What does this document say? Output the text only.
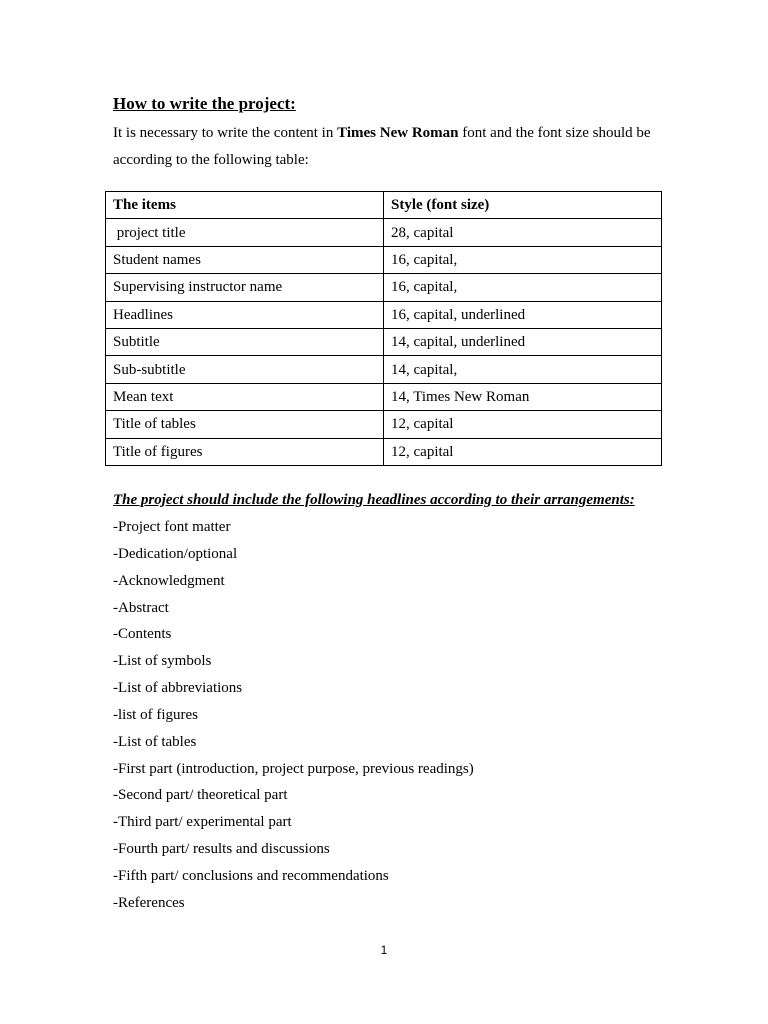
How to write the project:

It is necessary to write the content in Times New Roman font and the font size should be according to the following table:

The items	Style (font size)
project title	28, capital
Student names	16, capital,
Supervising instructor name	16, capital,
Headlines	16, capital, underlined
Subtitle	14, capital, underlined
Sub-subtitle	14, capital,
Mean text	14, Times New Roman
Title of tables	12, capital
Title of figures	12, capital

The project should include the following headlines according to their arrangements:

-Project font matter
-Dedication/optional
-Acknowledgment
-Abstract
-Contents
-List of symbols
-List of abbreviations
-list of figures
-List of tables
-First part (introduction, project purpose, previous readings)
-Second part/ theoretical part
-Third part/ experimental part
-Fourth part/ results and discussions
-Fifth part/ conclusions and recommendations
-References
1
